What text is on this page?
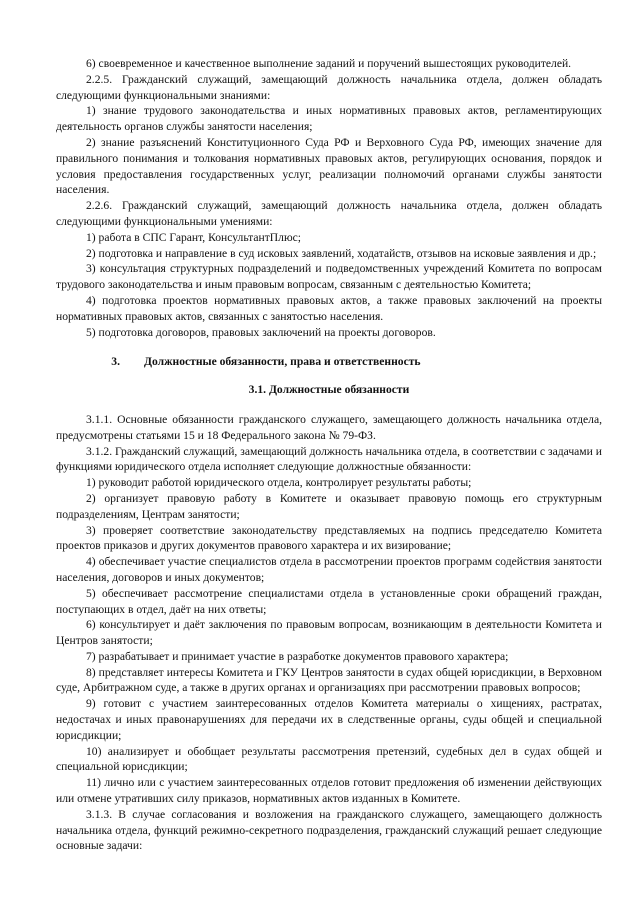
6) своевременное и качественное выполнение заданий и поручений вышестоящих руководителей.

2.2.5. Гражданский служащий, замещающий должность начальника отдела, должен обладать следующими функциональными знаниями:

1) знание трудового законодательства и иных нормативных правовых актов, регламентирующих деятельность органов службы занятости населения;

2) знание разъяснений Конституционного Суда РФ и Верховного Суда РФ, имеющих значение для правильного понимания и толкования нормативных правовых актов, регулирующих основания, порядок и условия предоставления государственных услуг, реализации полномочий органами службы занятости населения.

2.2.6. Гражданский служащий, замещающий должность начальника отдела, должен обладать следующими функциональными умениями:

1) работа в СПС Гарант, КонсультантПлюс;

2) подготовка и направление в суд исковых заявлений, ходатайств, отзывов на исковые заявления и др.;

3) консультация структурных подразделений и подведомственных учреждений Комитета по вопросам трудового законодательства и иным правовым вопросам, связанным с деятельностью Комитета;

4) подготовка проектов нормативных правовых актов, а также правовых заключений на проекты нормативных правовых актов, связанных с занятостью населения.

5) подготовка договоров, правовых заключений на проекты договоров.

3.	Должностные обязанности, права и ответственность
3.1. Должностные обязанности

3.1.1. Основные обязанности гражданского служащего, замещающего должность начальника отдела, предусмотрены статьями 15 и 18 Федерального закона № 79-ФЗ.

3.1.2. Гражданский служащий, замещающий должность начальника отдела, в соответствии с задачами и функциями юридического отдела исполняет следующие должностные обязанности:

1) руководит работой юридического отдела, контролирует результаты работы;

2) организует правовую работу в Комитете и оказывает правовую помощь его структурным подразделениям, Центрам занятости;

3) проверяет соответствие законодательству представляемых на подпись председателю Комитета проектов приказов и других документов правового характера и их визирование;

4) обеспечивает участие специалистов отдела в рассмотрении проектов программ содействия занятости населения, договоров и иных документов;

5) обеспечивает рассмотрение специалистами отдела в установленные сроки обращений граждан, поступающих в отдел, даёт на них ответы;

6) консультирует и даёт заключения по правовым вопросам, возникающим в деятельности Комитета и Центров занятости;

7) разрабатывает и принимает участие в разработке документов правового характера;

8) представляет интересы Комитета и ГКУ Центров занятости в судах общей юрисдикции, в Верховном суде, Арбитражном суде, а также в других органах и организациях при рассмотрении правовых вопросов;

9) готовит с участием заинтересованных отделов Комитета материалы о хищениях, растратах, недостачах и иных правонарушениях для передачи их в следственные органы, суды общей и специальной юрисдикции;

10) анализирует и обобщает результаты рассмотрения претензий, судебных дел в судах общей и специальной юрисдикции;

11) лично или с участием заинтересованных отделов готовит предложения об изменении действующих или отмене утративших силу приказов, нормативных актов изданных в Комитете.

3.1.3. В случае согласования и возложения на гражданского служащего, замещающего должность начальника отдела, функций режимно-секретного подразделения, гражданский служащий решает следующие основные задачи:
